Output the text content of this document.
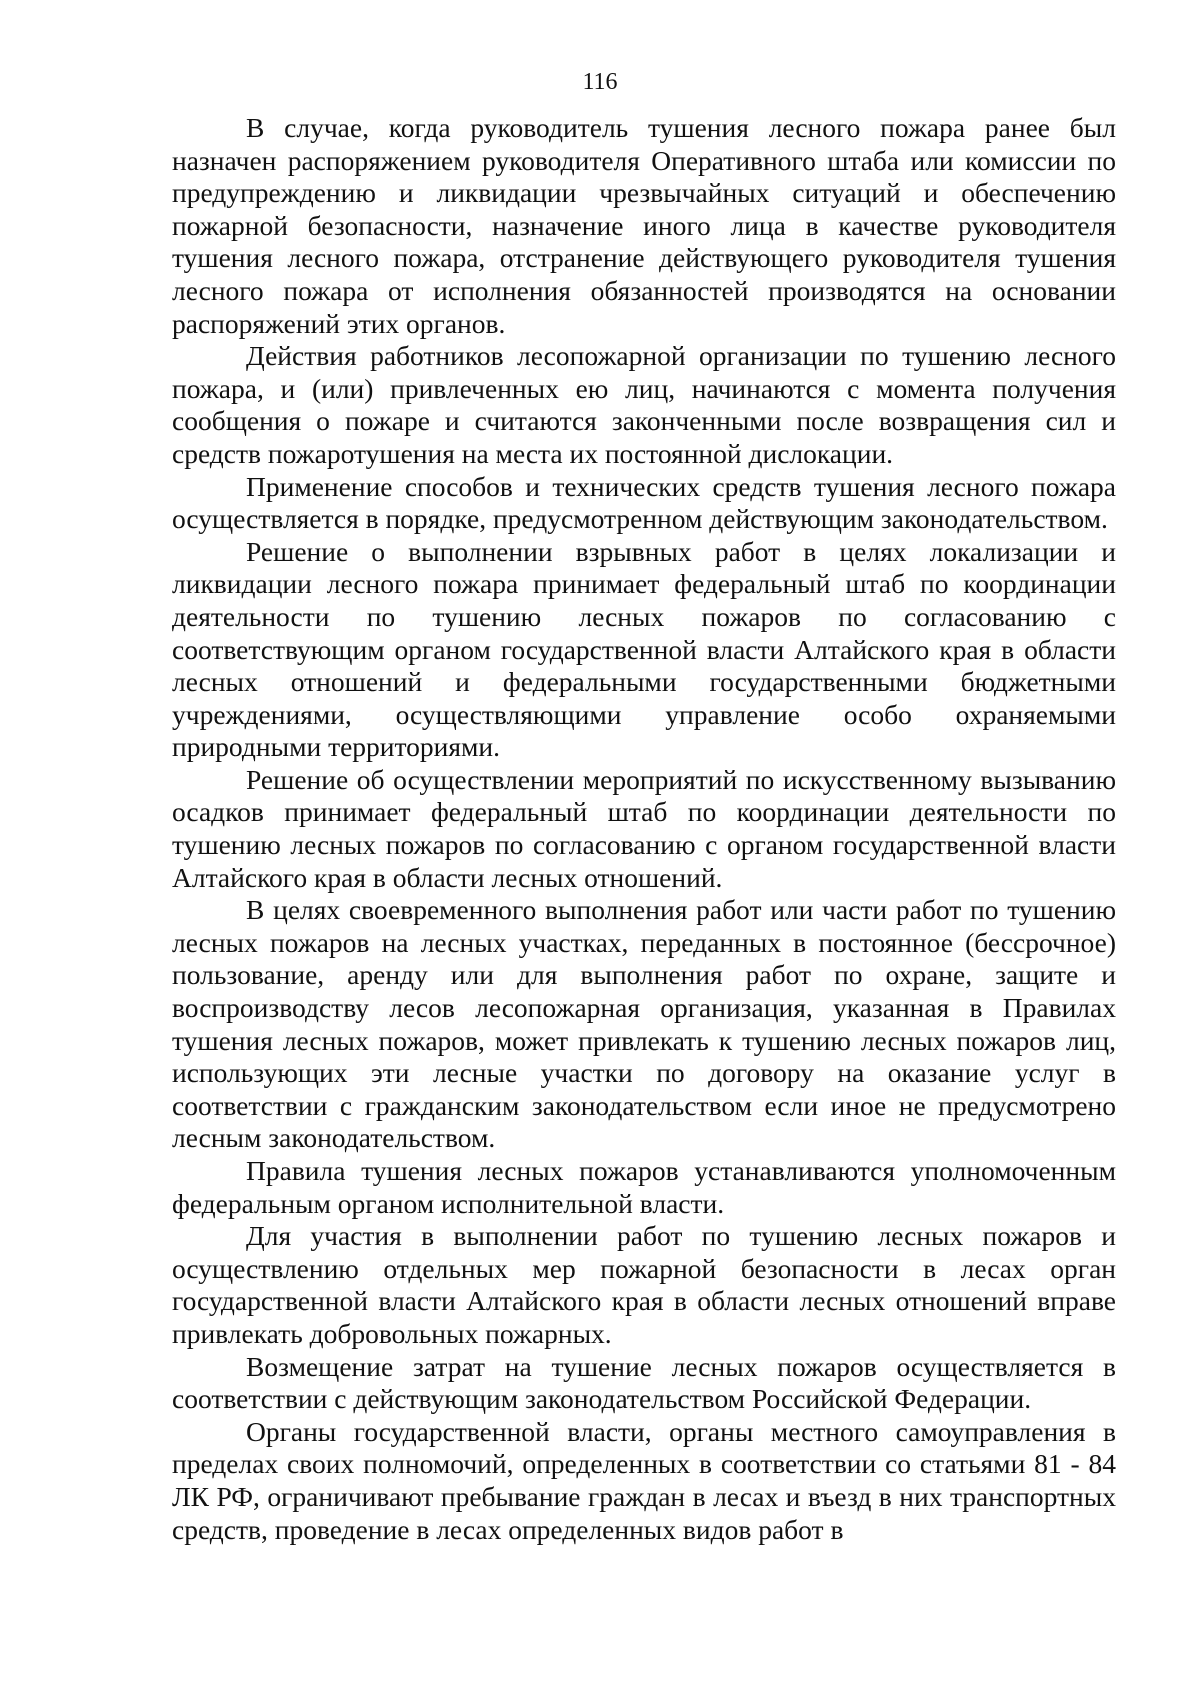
116

В случае, когда руководитель тушения лесного пожара ранее был назначен распоряжением руководителя Оперативного штаба или комиссии по предупреждению и ликвидации чрезвычайных ситуаций и обеспечению пожарной безопасности, назначение иного лица в качестве руководителя тушения лесного пожара, отстранение действующего руководителя тушения лесного пожара от исполнения обязанностей производятся на основании распоряжений этих органов.

Действия работников лесопожарной организации по тушению лесного пожара, и (или) привлеченных ею лиц, начинаются с момента получения сообщения о пожаре и считаются законченными после возвращения сил и средств пожаротушения на места их постоянной дислокации.

Применение способов и технических средств тушения лесного пожара осуществляется в порядке, предусмотренном действующим законодательством.

Решение о выполнении взрывных работ в целях локализации и ликвидации лесного пожара принимает федеральный штаб по координации деятельности по тушению лесных пожаров по согласованию с соответствующим органом государственной власти Алтайского края в области лесных отношений и федеральными государственными бюджетными учреждениями, осуществляющими управление особо охраняемыми природными территориями.

Решение об осуществлении мероприятий по искусственному вызыванию осадков принимает федеральный штаб по координации деятельности по тушению лесных пожаров по согласованию с органом государственной власти Алтайского края в области лесных отношений.

В целях своевременного выполнения работ или части работ по тушению лесных пожаров на лесных участках, переданных в постоянное (бессрочное) пользование, аренду или для выполнения работ по охране, защите и воспроизводству лесов лесопожарная организация, указанная в Правилах тушения лесных пожаров, может привлекать к тушению лесных пожаров лиц, использующих эти лесные участки по договору на оказание услуг в соответствии с гражданским законодательством если иное не предусмотрено лесным законодательством.

Правила тушения лесных пожаров устанавливаются уполномоченным федеральным органом исполнительной власти.

Для участия в выполнении работ по тушению лесных пожаров и осуществлению отдельных мер пожарной безопасности в лесах орган государственной власти Алтайского края в области лесных отношений вправе привлекать добровольных пожарных.

Возмещение затрат на тушение лесных пожаров осуществляется в соответствии с действующим законодательством Российской Федерации.

Органы государственной власти, органы местного самоуправления в пределах своих полномочий, определенных в соответствии со статьями 81 - 84 ЛК РФ, ограничивают пребывание граждан в лесах и въезд в них транспортных средств, проведение в лесах определенных видов работ в
